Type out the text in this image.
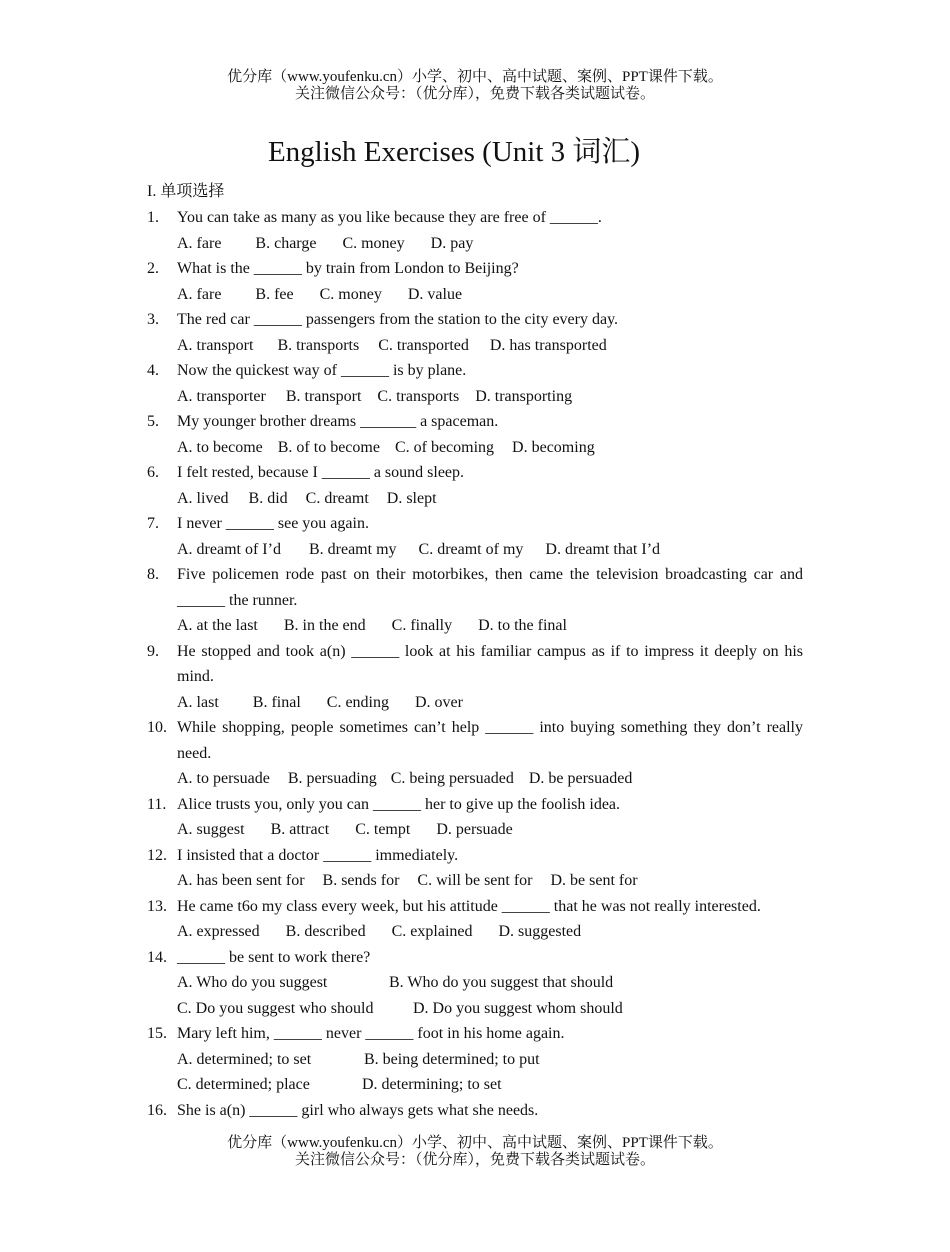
优分库（www.youfenku.cn）小学、初中、高中试题、案例、PPT课件下载。
关注微信公众号：（优分库），免费下载各类试题试卷。
English Exercises (Unit 3 词汇)
I. 单项选择
1.	You can take as many as you like because they are free of ______.
A. fare B. charge C. money D. pay
2.	What is the ______ by train from London to Beijing?
A. fare B. fee C. money D. value
3.	The red car ______ passengers from the station to the city every day.
A. transport B. transports C. transported D. has transported
4.	Now the quickest way of ______ is by plane.
A. transporter B. transport C. transports D. transporting
5.	My younger brother dreams _______ a spaceman.
A. to become B. of to become C. of becoming D. becoming
6.	I felt rested, because I ______ a sound sleep.
A. lived B. did C. dreamt D. slept
7.	I never ______ see you again.
A. dreamt of I’d B. dreamt my C. dreamt of my D. dreamt that I’d
8.	Five policemen rode past on their motorbikes, then came the television broadcasting car and ______ the runner.
A. at the last B. in the end C. finally D. to the final
9.	He stopped and took a(n) ______ look at his familiar campus as if to impress it deeply on his mind.
A. last B. final C. ending D. over
10. While shopping, people sometimes can’t help ______ into buying something they don’t really need.
A. to persuade B. persuading C. being persuaded D. be persuaded
11. Alice trusts you, only you can ______ her to give up the foolish idea.
A. suggest B. attract C. tempt D. persuade
12. I insisted that a doctor ______ immediately.
A. has been sent for B. sends for C. will be sent for D. be sent for
13. He came t6o my class every week, but his attitude ______ that he was not really interested.
A. expressed B. described C. explained D. suggested
14. ______ be sent to work there?
A. Who do you suggest	B. Who do you suggest that should
C. Do you suggest who should D. Do you suggest whom should
15. Mary left him, ______ never ______ foot in his home again.
A. determined; to set	B. being determined; to put
C. determined; place	D. determining; to set
16. She is a(n) ______ girl who always gets what she needs.
优分库（www.youfenku.cn）小学、初中、高中试题、案例、PPT课件下载。
关注微信公众号：（优分库），免费下载各类试题试卷。
